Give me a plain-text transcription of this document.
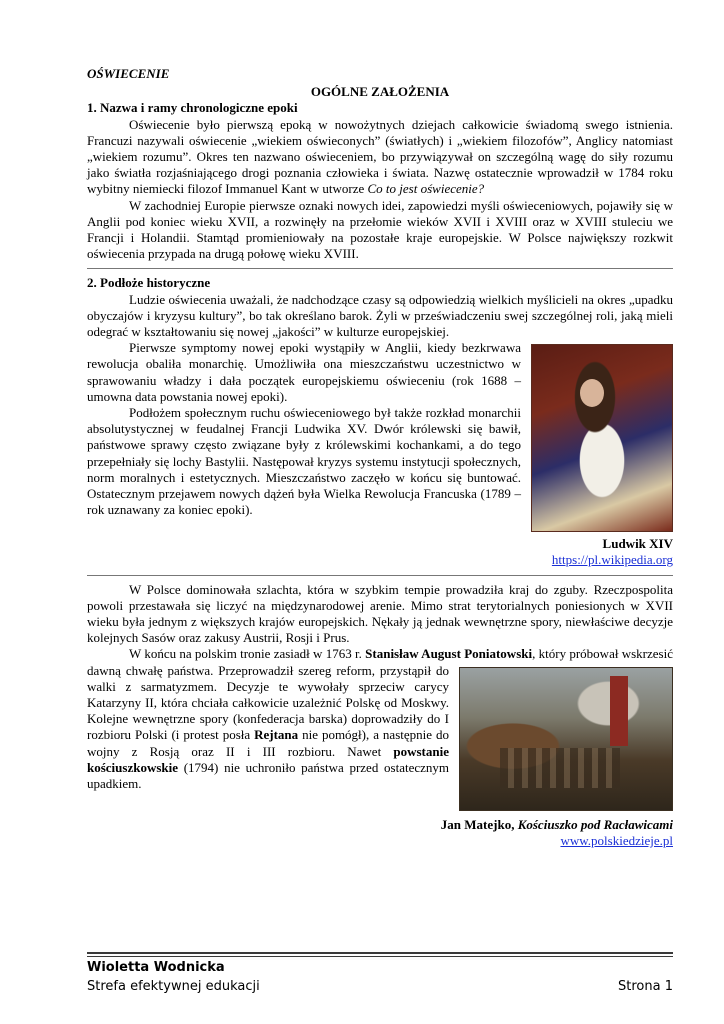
OŚWIECENIE
OGÓLNE ZAŁOŻENIA
1. Nazwa i ramy chronologiczne epoki

Oświecenie było pierwszą epoką w nowożytnych dziejach całkowicie świadomą swego istnienia. Francuzi nazywali oświecenie „wiekiem oświeconych” (światłych) i „wiekiem filozofów”, Anglicy natomiast „wiekiem rozumu”. Okres ten nazwano oświeceniem, bo przywiązywał on szczególną wagę do siły rozumu jako światła rozjaśniającego drogi poznania człowieka i świata. Nazwę ostatecznie wprowadził w 1784 roku wybitny niemiecki filozof Immanuel Kant w utworze Co to jest oświecenie?

W zachodniej Europie pierwsze oznaki nowych idei, zapowiedzi myśli oświeceniowych, pojawiły się w Anglii pod koniec wieku XVII, a rozwinęły na przełomie wieków XVII i XVIII oraz w XVIII stuleciu we Francji i Holandii. Stamtąd promieniowały na pozostałe kraje europejskie. W Polsce największy rozkwit oświecenia przypada na drugą połowę wieku XVIII.

2. Podłoże historyczne

Ludzie oświecenia uważali, że nadchodzące czasy są odpowiedzią wielkich myślicieli na okres „upadku obyczajów i kryzysu kultury”, bo tak określano barok. Żyli w przeświadczeniu swej szczególnej roli, jaką mieli odegrać w kształtowaniu się nowej „jakości” w kulturze europejskiej.

Pierwsze symptomy nowej epoki wystąpiły w Anglii, kiedy bezkrwawa rewolucja obaliła monarchię. Umożliwiła ona mieszczaństwu uczestnictwo w sprawowaniu władzy i dała początek europejskiemu oświeceniu (rok 1688 – umowna data powstania nowej epoki).

Podłożem społecznym ruchu oświeceniowego był także rozkład monarchii absolutystycznej w feudalnej Francji Ludwika XV. Dwór królewski się bawił, państwowe sprawy często związane były z królewskimi kochankami, a do tego przepełniały się lochy Bastylii. Następował kryzys systemu instytucji społecznych, norm moralnych i estetycznych. Mieszczaństwo zaczęło w końcu się buntować. Ostatecznym przejawem nowych dążeń była Wielka Rewolucja Francuska (1789 – rok uznawany za koniec epoki).

Ludwik XIV
https://pl.wikipedia.org

W Polsce dominowała szlachta, która w szybkim tempie prowadziła kraj do zguby. Rzeczpospolita powoli przestawała się liczyć na międzynarodowej arenie. Mimo strat terytorialnych poniesionych w XVII wieku była jednym z większych krajów europejskich. Nękały ją jednak wewnętrzne spory, niewłaściwe decyzje kolejnych Sasów oraz zakusy Austrii, Rosji i Prus.

W końcu na polskim tronie zasiadł w 1763 r. Stanisław August Poniatowski
, który próbował wskrzesić dawną chwałę państwa. Przeprowadził szereg reform, przystąpił do walki z sarmatyzmem. Decyzje te wywołały sprzeciw carycy Katarzyny II, która chciała całkowicie uzależnić Polskę od Moskwy. Kolejne wewnętrzne spory (konfederacja barska) doprowadziły do I rozbioru Polski (i protest posła Rejtana nie pomógł), a następnie do wojny z Rosją oraz II i III rozbioru. Nawet powstanie kościuszkowskie (1794) nie uchroniło państwa przed ostatecznym upadkiem.

Jan Matejko, Kościuszko pod Racławicami
www.polskiedzieje.pl
Wioletta Wodnicka
Strefa efektywnej edukacji	Strona 1
